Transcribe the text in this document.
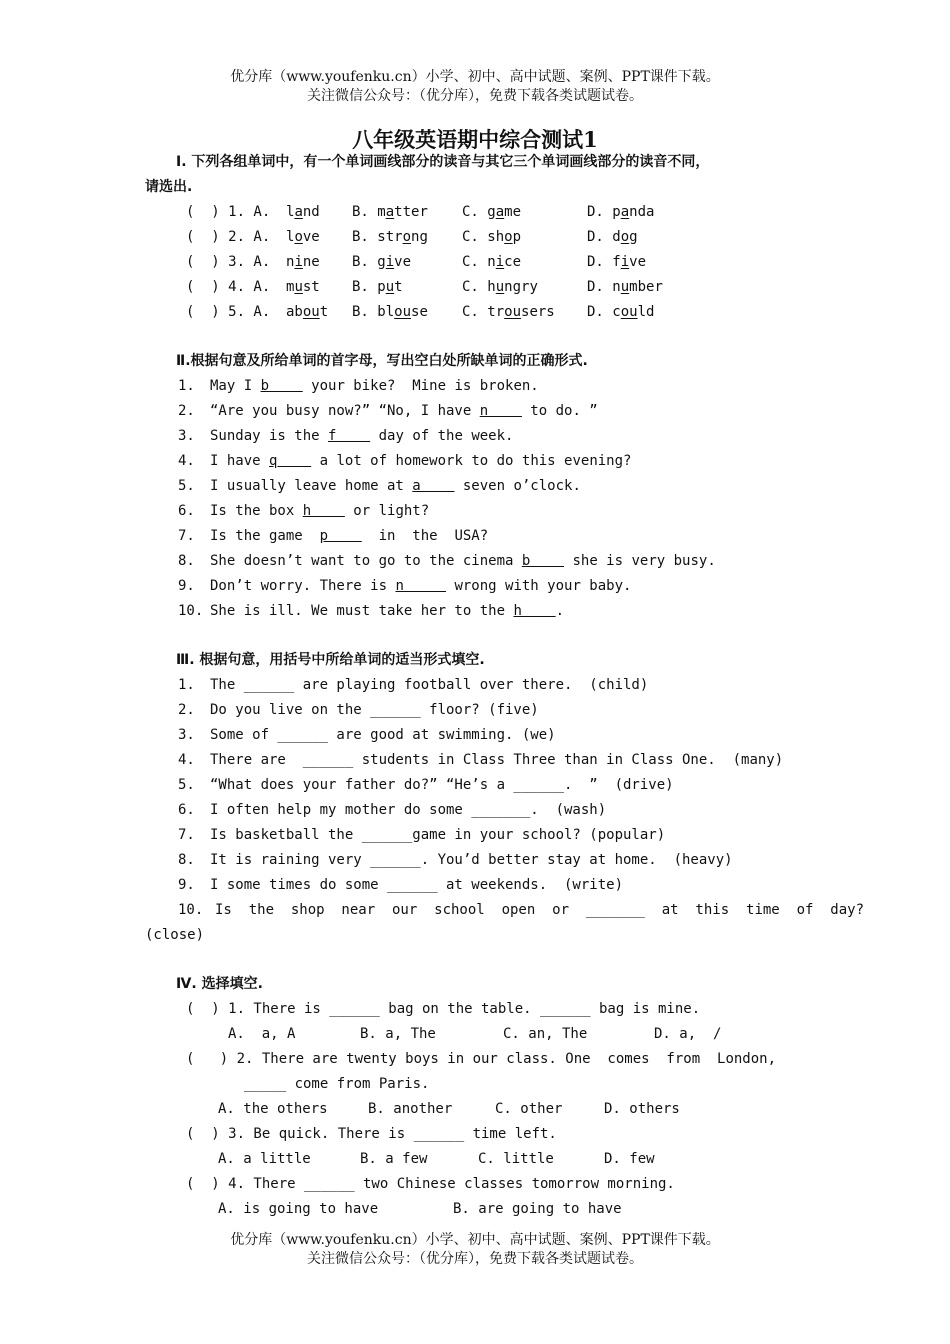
优分库（www.youfenku.cn）小学、初中、高中试题、案例、PPT课件下载。
关注微信公众号：（优分库），免费下载各类试题试卷。
八年级英语期中综合测试1
I. 下列各组单词中，有一个单词画线部分的读音与其它三个单词画线部分的读音不同，
请选出.
(  ) 1. A. land B. matter C. game	D. panda
(  ) 2. A. love B. strong C. shop	D. dog
(  ) 3. A. nine B. give	C. nice	D. five
(  ) 4. A. must B. put	C. hungry	D. number
(  ) 5. A. about B. blouse C. trousers D. could
Ⅱ.根据句意及所给单词的首字母，写出空白处所缺单词的正确形式.
1. May I b     your bike?  Mine is broken.
2. “Are you busy now?” “No, I have n     to do. ”
3. Sunday is the f     day of the week.
4. I have q     a lot of homework to do this evening?
5. I usually leave home at a     seven o’clock.
6. Is the box h     or light?
7. Is the game  p      in  the  USA?
8. She doesn’t want to go to the cinema b     she is very busy.
9. Don’t worry. There is n      wrong with your baby.
10. She is ill. We must take her to the h    .
Ⅲ. 根据句意，用括号中所给单词的适当形式填空.
1. The ______ are playing football over there.  (child)
2. Do you live on the ______ floor? (five)
3. Some of ______ are good at swimming. (we)
4. There are  ______ students in Class Three than in Class One.  (many)
5. “What does your father do?” “He’s a ______.  ”  (drive)
6. I often help my mother do some _______.  (wash)
7. Is basketball the ______game in your school? (popular)
8. It is raining very ______. You’d better stay at home.  (heavy)
9. I some times do some ______ at weekends.  (write)
10. Is  the  shop  near  our  school  open  or  _______  at  this  time  of  day?
(close)
Ⅳ. 选择填空.
(  ) 1. There is ______ bag on the table. ______ bag is mine.
A.  a, A	B. a, The	C. an, The	D. a,  /
(   ) 2. There are twenty boys in our class. One  comes  from  London,
_____ come from Paris.
A. the others	B. another	C. other	D. others
(  ) 3. Be quick. There is ______ time left.
A. a little	B. a few	C. little	D. few
(  ) 4. There ______ two Chinese classes tomorrow morning.
A. is going to have	B. are going to have
优分库（www.youfenku.cn）小学、初中、高中试题、案例、PPT课件下载。
关注微信公众号：（优分库），免费下载各类试题试卷。
